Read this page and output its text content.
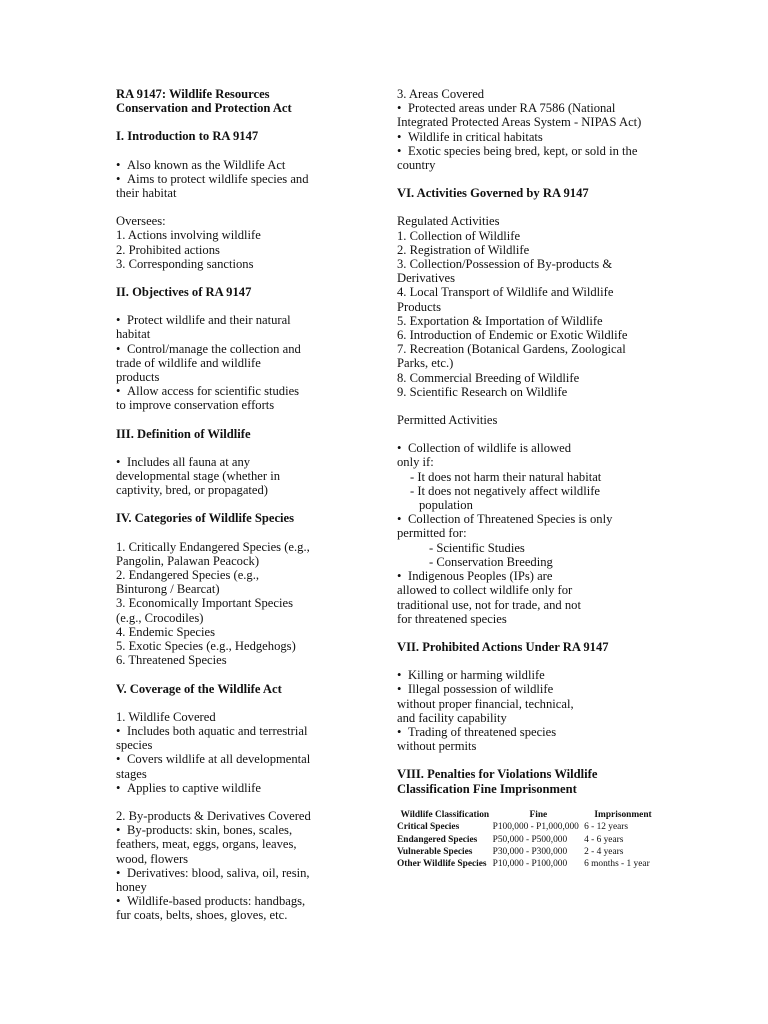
RA 9147: Wildlife Resources
Conservation and Protection Act
I. Introduction to RA 9147
• Also known as the Wildlife Act
• Aims to protect wildlife species and
their habitat
Oversees:
1. Actions involving wildlife
2. Prohibited actions
3. Corresponding sanctions
II. Objectives of RA 9147
• Protect wildlife and their natural
habitat
• Control/manage the collection and
trade of wildlife and wildlife
products
• Allow access for scientific studies
to improve conservation efforts
III. Definition of Wildlife
• Includes all fauna at any
developmental stage (whether in
captivity, bred, or propagated)
IV. Categories of Wildlife Species
1. Critically Endangered Species (e.g.,
Pangolin, Palawan Peacock)
2. Endangered Species (e.g.,
Binturong / Bearcat)
3. Economically Important Species
(e.g., Crocodiles)
4. Endemic Species
5. Exotic Species (e.g., Hedgehogs)
6. Threatened Species
V. Coverage of the Wildlife Act
1. Wildlife Covered
• Includes both aquatic and terrestrial
species
• Covers wildlife at all developmental
stages
• Applies to captive wildlife
2. By-products & Derivatives Covered
• By-products: skin, bones, scales,
feathers, meat, eggs, organs, leaves,
wood, flowers
• Derivatives: blood, saliva, oil, resin,
honey
• Wildlife-based products: handbags,
fur coats, belts, shoes, gloves, etc.
3. Areas Covered
• Protected areas under RA 7586 (National
Integrated Protected Areas System - NIPAS Act)
• Wildlife in critical habitats
• Exotic species being bred, kept, or sold in the
country
VI. Activities Governed by RA 9147
Regulated Activities
1. Collection of Wildlife
2. Registration of Wildlife
3. Collection/Possession of By-products &
Derivatives
4. Local Transport of Wildlife and Wildlife
Products
5. Exportation & Importation of Wildlife
6. Introduction of Endemic or Exotic Wildlife
7. Recreation (Botanical Gardens, Zoological
Parks, etc.)
8. Commercial Breeding of Wildlife
9. Scientific Research on Wildlife
Permitted Activities
• Collection of wildlife is allowed
only if:
- It does not harm their natural habitat
- It does not negatively affect wildlife
population
• Collection of Threatened Species is only
permitted for:
- Scientific Studies
- Conservation Breeding
• Indigenous Peoples (IPs) are
allowed to collect wildlife only for
traditional use, not for trade, and not
for threatened species
VII. Prohibited Actions Under RA 9147
• Killing or harming wildlife
• Illegal possession of wildlife
without proper financial, technical,
and facility capability
• Trading of threatened species
without permits
VIII. Penalties for Violations Wildlife
Classification Fine Imprisonment
Wildlife Classification	Fine	Imprisonment
Critical Species	P100,000 - P1,000,000	6 - 12 years
Endangered Species	P50,000 - P500,000	4 - 6 years
Vulnerable Species	P30,000 - P300,000	2 - 4 years
Other Wildlife Species	P10,000 - P100,000	6 months - 1 year
